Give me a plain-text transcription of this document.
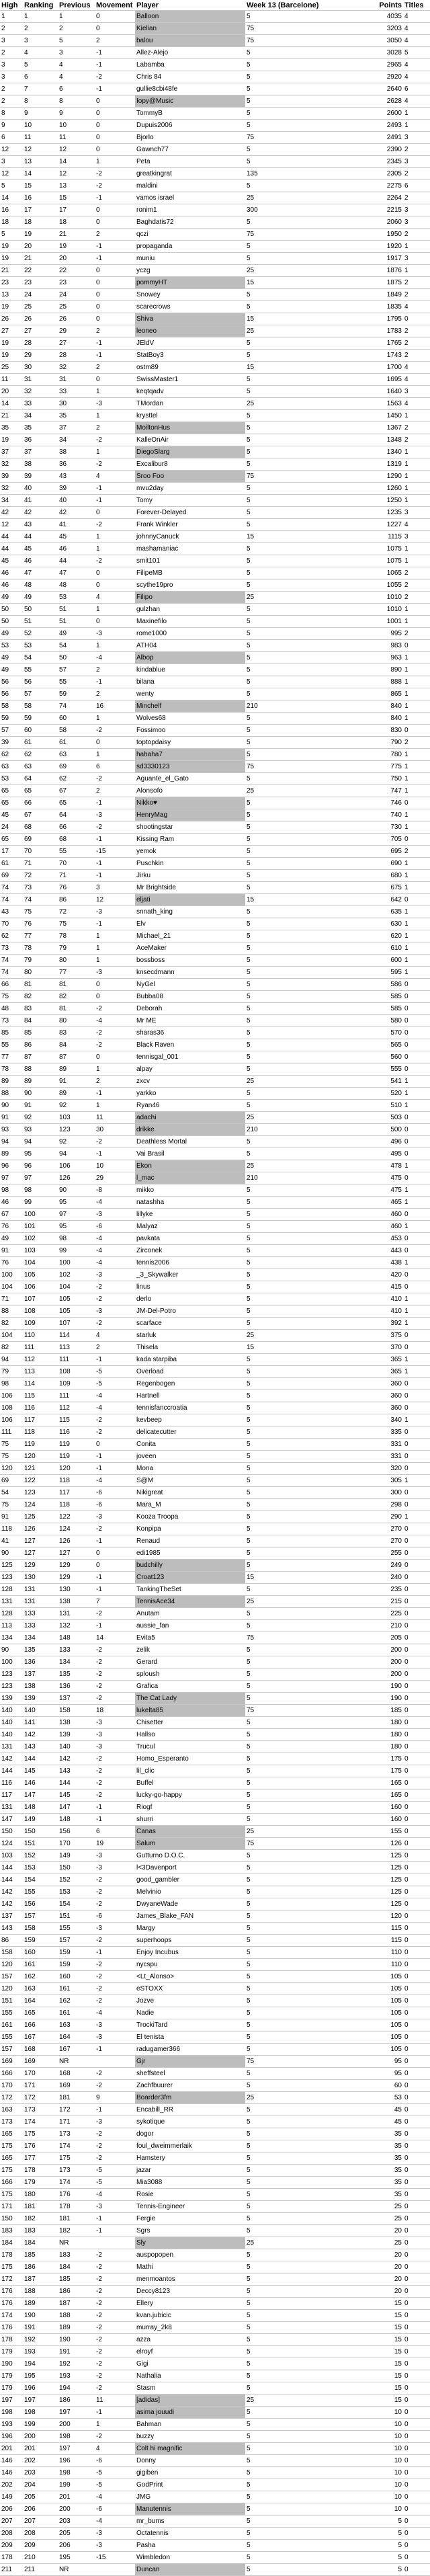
High	Ranking	Previous	Movement	Player	Week 13 (Barcelone)	Points	Titles
1	1	1	0	Balloon	5	4035	4
2	2	2	0	Kielian	75	3203	4
3	3	5	2	balou	75	3050	4
2	4	3	-1	Allez-Alejo	5	3028	5
3	5	4	-1	Labamba	5	2965	4
3	6	4	-2	Chris 84	5	2920	4
2	7	6	-1	gullie8cbi48fe	5	2640	6
2	8	8	0	Iopy@Music	5	2628	4
8	9	9	0	TommyB	5	2600	1
9	10	10	0	Dupuis2006	5	2493	1
6	11	11	0	Bjorlo	75	2491	3
12	12	12	0	Gawnch77	5	2390	2
3	13	14	1	Peta	5	2345	3
12	14	12	-2	greatkingrat	135	2305	2
5	15	13	-2	maldini	5	2275	6
14	16	15	-1	vamos israel	25	2264	2
16	17	17	0	ronim1	300	2215	3
18	18	18	0	Baghdatis72	5	2060	3
5	19	21	2	qczi	75	1950	2
19	20	19	-1	propaganda	5	1920	1
19	21	20	-1	muniu	5	1917	3
21	22	22	0	yczg	25	1876	1
23	23	23	0	pommyHT	15	1875	2
13	24	24	0	Snowey	5	1849	2
19	25	25	0	scarecrows	5	1835	4
26	26	26	0	Shiva	15	1795	0
27	27	29	2	leoneo	25	1783	2
19	28	27	-1	JEldV	5	1765	2
19	29	28	-1	StatBoy3	5	1743	2
25	30	32	2	ostm89	15	1700	4
11	31	31	0	SwissMaster1	5	1695	4
20	32	33	1	keqtqadv	5	1640	3
14	33	30	-3	TMordan	25	1563	4
21	34	35	1	krysttel	5	1450	1
35	35	37	2	MoiltonHus	5	1367	2
19	36	34	-2	KalleOnAir	5	1348	2
37	37	38	1	DiegoSlarg	5	1340	1
32	38	36	-2	Excalibur8	5	1319	1
39	39	43	4	Sroo Foo	75	1290	1
32	40	39	-1	mvu2day	5	1260	1
34	41	40	-1	Tomy	5	1250	1
42	42	42	0	Forever-Delayed	5	1235	3
12	43	41	-2	Frank Winkler	5	1227	4
44	44	45	1	johnnyCanuck	15	1115	3
44	45	46	1	mashamaniac	5	1075	1
45	46	44	-2	smit101	5	1075	1
46	47	47	0	FilipeMB	5	1065	2
46	48	48	0	scythe19pro	5	1055	2
49	49	53	4	Filipo	25	1010	2
50	50	51	1	gulzhan	5	1010	1
50	51	51	0	Maxinefilo	5	1001	1
49	52	49	-3	rome1000	5	995	2
53	53	54	1	ATH04	5	983	0
49	54	50	-4	Albop	5	963	1
49	55	57	2	kindablue	5	890	1
56	56	55	-1	bilana	5	888	1
56	57	59	2	wenty	5	865	1
58	58	74	16	Minchelf	210	840	1
59	59	60	1	Wolves68	5	840	1
57	60	58	-2	Fossimoo	5	830	0
39	61	61	0	toptopdaisy	5	790	2
62	62	63	1	hahaha7	5	780	1
63	63	69	6	sd3330123	75	775	1
53	64	62	-2	Aguante_el_Gato	5	750	1
65	65	67	2	Alonsofo	25	747	1
65	66	65	-1	Nikko♥	5	746	0
45	67	64	-3	HenryMag	5	740	1
24	68	66	-2	shootingstar	5	730	1
65	69	68	-1	Kissing Ram	5	705	0
17	70	55	-15	yemok	5	695	2
61	71	70	-1	Puschkin	5	690	1
69	72	71	-1	Jirku	5	680	1
74	73	76	3	Mr Brightside	5	675	1
74	74	86	12	eljati	15	642	0
43	75	72	-3	snnath_king	5	635	1
70	76	75	-1	Elv	5	630	1
62	77	78	1	Michael_21	5	620	1
73	78	79	1	AceMaker	5	610	1
74	79	80	1	bossboss	5	600	1
74	80	77	-3	knsecdmann	5	595	1
66	81	81	0	NyGel	5	586	0
75	82	82	0	Bubba08	5	585	0
48	83	81	-2	Deborah	5	585	0
73	84	80	-4	Mr ME	5	580	0
85	85	83	-2	sharas36	5	570	0
55	86	84	-2	Black Raven	5	565	0
77	87	87	0	tennisgal_001	5	560	0
78	88	89	1	alpay	5	555	0
89	89	91	2	zxcv	25	541	1
88	90	89	-1	yarkko	5	520	1
90	91	92	1	Ryan46	5	510	1
91	92	103	11	adachi	25	503	0
93	93	123	30	drikke	210	500	0
94	94	92	-2	Deathless Mortal	5	496	0
89	95	94	-1	Vai Brasil	5	495	0
96	96	106	10	Ekon	25	478	1
97	97	126	29	l_mac	210	475	0
98	98	90	-8	mikko	5	475	1
46	99	95	-4	natashha	5	465	1
67	100	97	-3	lillyke	5	460	0
76	101	95	-6	Malyaz	5	460	1
49	102	98	-4	pavkata	5	453	0
91	103	99	-4	Zirconek	5	443	0
76	104	100	-4	tennis2006	5	438	1
100	105	102	-3	_3_Skywalker	5	420	0
104	106	104	-2	linus	5	415	0
71	107	105	-2	derlo	5	410	1
88	108	105	-3	JM-Del-Potro	5	410	1
82	109	107	-2	scarface	5	392	1
104	110	114	4	starluk	25	375	0
82	111	113	2	Thisela	15	370	0
94	112	111	-1	kada starpiba	5	365	1
79	113	108	-5	Overload	5	365	1
98	114	109	-5	Regenbogen	5	360	0
106	115	111	-4	Hartnell	5	360	0
108	116	112	-4	tennisfanccroatia	5	360	0
106	117	115	-2	kevbeep	5	340	1
111	118	116	-2	delicatecutter	5	335	0
75	119	119	0	Conita	5	331	0
75	120	119	-1	joveen	5	331	0
120	121	120	-1	Mona	5	320	0
69	122	118	-4	S@M	5	305	1
54	123	117	-6	Nikigreat	5	300	0
75	124	118	-6	Mara_M	5	298	0
91	125	122	-3	Kooza Troopa	5	290	1
118	126	124	-2	Konpipa	5	270	0
41	127	126	-1	Renaud	5	270	0
90	127	127	0	edi1985	5	255	0
125	129	129	0	budchilly	5	249	0
123	130	129	-1	Croat123	15	240	0
128	131	130	-1	TankingTheSet	5	235	0
131	131	138	7	TennisAce34	25	215	0
128	133	131	-2	Anutam	5	225	0
113	133	132	-1	aussie_fan	5	210	0
134	134	148	14	Evita5	75	205	0
90	135	133	-2	zelik	5	200	0
100	136	134	-2	Gerard	5	200	0
123	137	135	-2	sploush	5	200	0
123	138	136	-2	Grafica	5	190	0
139	139	137	-2	The Cat Lady	5	190	0
140	140	158	18	lukelta85	75	185	0
140	141	138	-3	Chisetter	5	180	0
140	142	139	-3	Hallso	5	180	0
131	143	140	-3	Trucul	5	180	0
142	144	142	-2	Homo_Esperanto	5	175	0
144	145	143	-2	lil_clic	5	175	0
116	146	144	-2	Buffel	5	165	0
117	147	145	-2	lucky-go-happy	5	165	0
131	148	147	-1	Riogf	5	160	0
147	149	148	-1	shurri	5	160	0
150	150	156	6	Canas	25	155	0
124	151	170	19	Salum	75	126	0
103	152	149	-3	Gutturno D.O.C.	5	125	0
144	153	150	-3	l<3Davenport	5	125	0
144	154	152	-2	good_gambler	5	125	0
142	155	153	-2	Melvinio	5	125	0
142	156	154	-2	DwyaneWade	5	125	0
137	157	151	-6	James_Blake_FAN	5	120	0
143	158	155	-3	Margy	5	115	0
86	159	157	-2	superhoops	5	115	0
158	160	159	-1	Enjoy Incubus	5	110	0
120	161	159	-2	nycspu	5	110	0
157	162	160	-2	<Lt_Alonso>	5	105	0
120	163	161	-2	eSTOXX	5	105	0
151	164	162	-2	Jozve	5	105	0
155	165	161	-4	Nadie	5	105	0
161	166	163	-3	TrockiTard	5	105	0
155	167	164	-3	El tenista	5	105	0
157	168	167	-1	radugamer366	5	105	0
169	169	NR		Gjr	75	95	0
166	170	168	-2	sheffsteel	5	95	0
170	171	169	-2	Zachfbuurer	5	60	0
172	172	181	9	Boarder3fm	25	53	0
163	173	172	-1	Encabill_RR	5	45	0
173	174	171	-3	sykotique	5	45	0
165	175	173	-2	dogor	5	35	0
175	176	174	-2	foul_dweimmerlaik	5	35	0
165	177	175	-2	Hamstery	5	35	0
175	178	173	-5	jazar	5	35	0
166	179	174	-5	Mia3088	5	35	0
175	180	176	-4	Rosie	5	35	0
171	181	178	-3	Tennis-Engineer	5	25	0
150	182	181	-1	Fergie	5	25	0
183	183	182	-1	Sgrs	5	20	0
184	184	NR		Sly	25	25	0
178	185	183	-2	auspopopen	5	20	0
175	186	184	-2	Mathi	5	20	0
172	187	185	-2	menmoantos	5	20	0
176	188	186	-2	Deccy8123	5	20	0
176	189	187	-2	Ellery	5	15	0
174	190	188	-2	kvan.jubicic	5	15	0
176	191	189	-2	murray_2k8	5	15	0
178	192	190	-2	azza	5	15	0
179	193	191	-2	elroyf	5	15	0
190	194	192	-2	Gigi	5	15	0
179	195	193	-2	Nathalia	5	15	0
179	196	194	-2	Stasm	5	15	0
197	197	186	11	[adidas]	25	15	0
198	198	197	-1	asima jouudi	5	10	0
193	199	200	1	Bahman	5	10	0
196	200	198	-2	buzzy	5	10	0
201	201	197	4	Colt hi magnific	5	10	0
146	202	196	-6	Donny	5	10	0
146	203	198	-5	gigiben	5	10	0
202	204	199	-5	GodPrint	5	10	0
149	205	201	-4	JMG	5	10	0
206	206	200	-6	Manutennis	5	10	0
207	207	203	-4	mr_bums	5	5	0
208	208	205	-3	Octatennis	5	5	0
209	209	206	-3	Pasha	5	5	0
178	210	195	-15	Wimbledon	5	5	0
211	211	NR		Duncan	5	5	0
